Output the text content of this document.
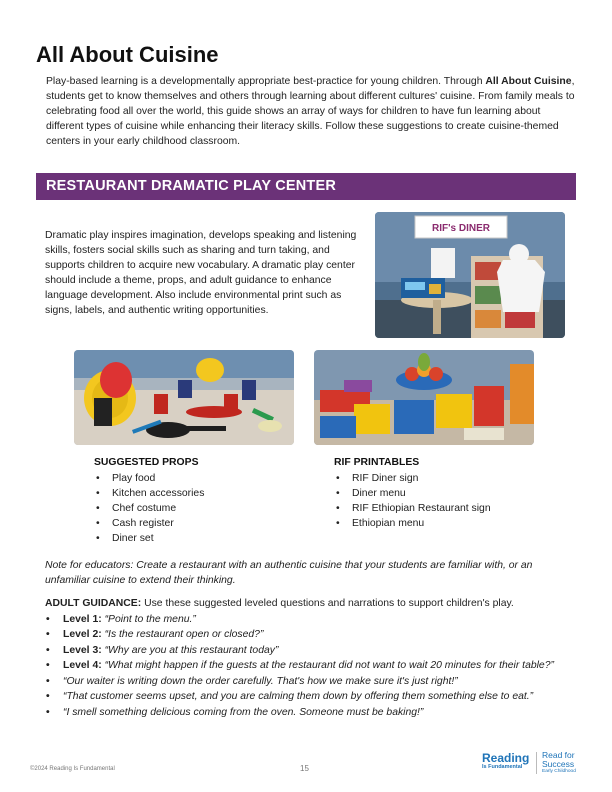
All About Cuisine

Play-based learning is a developmentally appropriate best-practice for young children. Through All About Cuisine, students get to know themselves and others through learning about different cultures' cuisine. From family meals to celebrating food all over the world, this guide shows an array of ways for children to have fun learning about different types of cuisine while enhancing their literacy skills. Follow these suggestions to create cuisine-themed centers in your early childhood classroom.

RESTAURANT DRAMATIC PLAY CENTER

Dramatic play inspires imagination, develops speaking and listening skills, fosters social skills such as sharing and turn taking, and supports children to acquire new vocabulary. A dramatic play center should include a theme, props, and adult guidance to enhance language development. Also include environmental print such as signs, labels, and authentic writing opportunities.

RIF's DINER
SUGGESTED PROPS
• Play food
• Kitchen accessories
• Chef costume
• Cash register
• Diner set
RIF PRINTABLES
• RIF Diner sign
• Diner menu
• RIF Ethiopian Restaurant sign
• Ethiopian menu

Note for educators: Create a restaurant with an authentic cuisine that your students are familiar with, or an unfamiliar cuisine to extend their thinking.

ADULT GUIDANCE: Use these suggested leveled questions and narrations to support children's play.

• Level 1: “Point to the menu.”
• Level 2: “Is the restaurant open or closed?”
• Level 3: “Why are you at this restaurant today”
• Level 4: “What might happen if the guests at the restaurant did not want to wait 20 minutes for their table?”
• “Our waiter is writing down the order carefully. That's how we make sure it's just right!”
• “That customer seems upset, and you are calming them down by offering them something else to eat.”
• “I smell something delicious coming from the oven. Someone must be baking!”
©2024 Reading Is Fundamental	15
Reading
Is Fundamental
Read for
Success
Early Childhood
